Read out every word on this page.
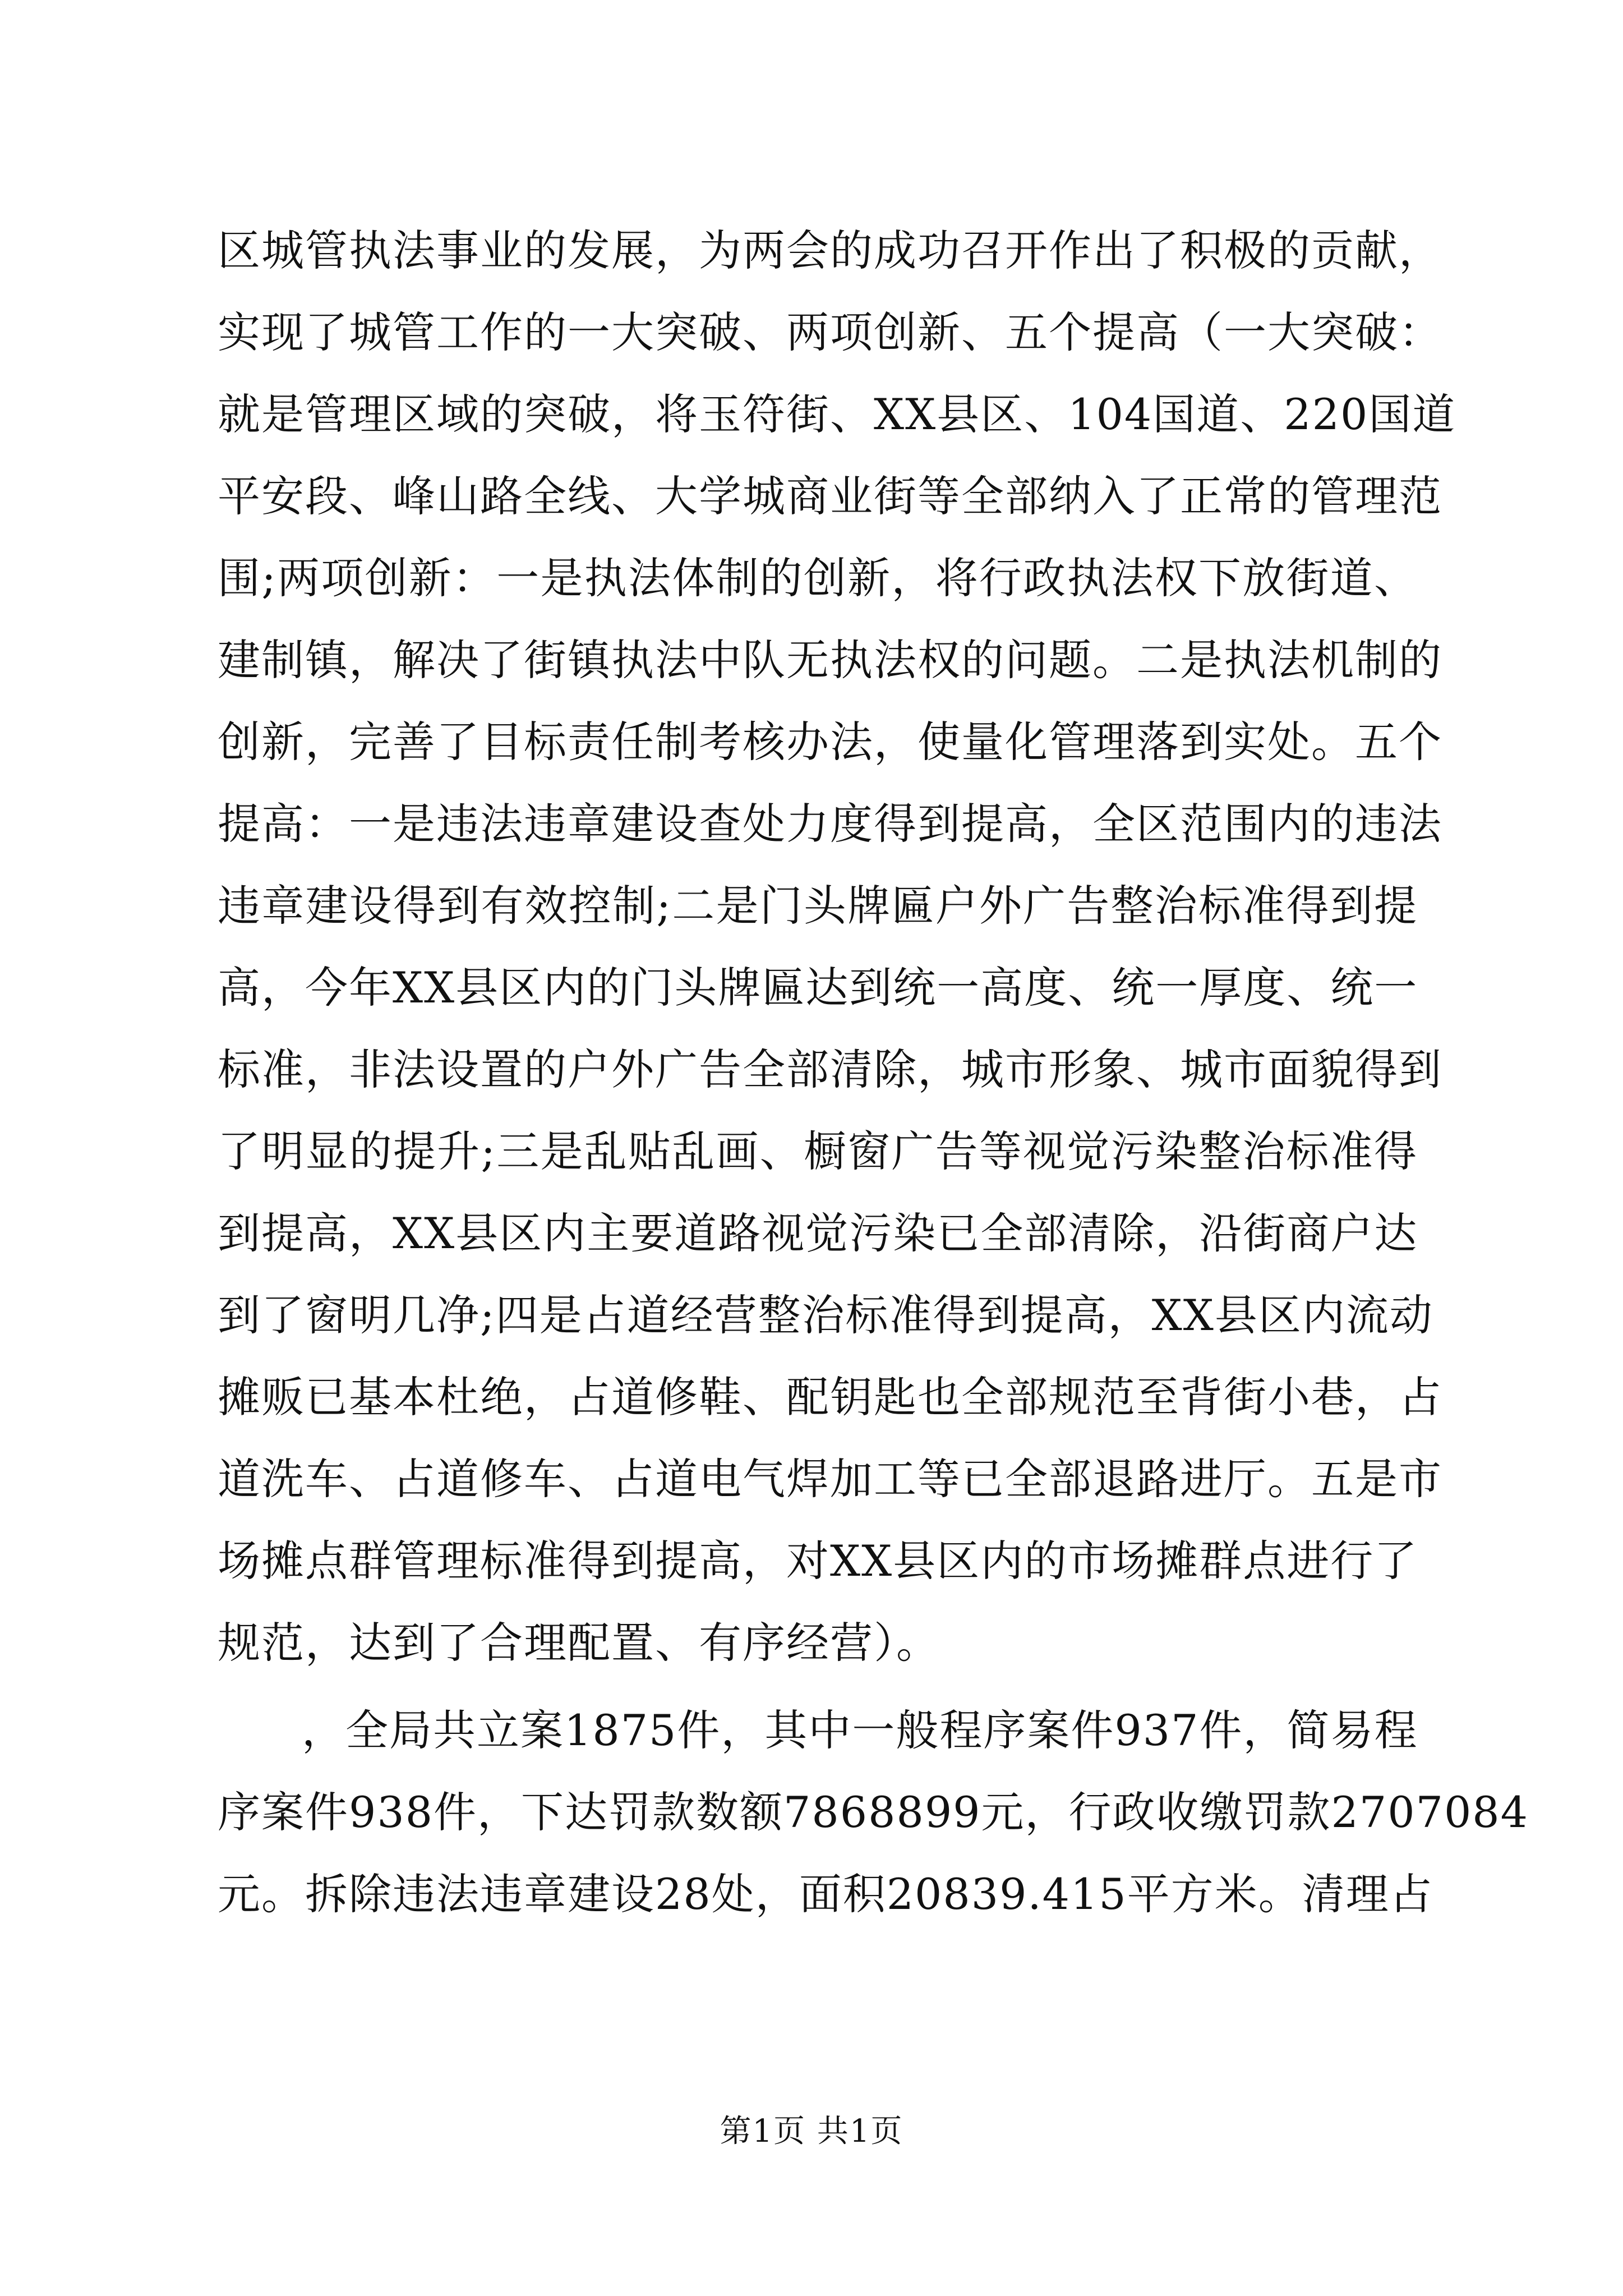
区城管执法事业的发展，为两会的成功召开作出了积极的贡献，
实现了城管工作的一大突破、两项创新、五个提高（一大突破：
就是管理区域的突破，将玉符街、XX县区、104国道、220国道
平安段、峰山路全线、大学城商业街等全部纳入了正常的管理范
围;两项创新：一是执法体制的创新，将行政执法权下放街道、
建制镇，解决了街镇执法中队无执法权的问题。二是执法机制的
创新，完善了目标责任制考核办法，使量化管理落到实处。五个
提高：一是违法违章建设查处力度得到提高，全区范围内的违法
违章建设得到有效控制;二是门头牌匾户外广告整治标准得到提
高，今年XX县区内的门头牌匾达到统一高度、统一厚度、统一
标准，非法设置的户外广告全部清除，城市形象、城市面貌得到
了明显的提升;三是乱贴乱画、橱窗广告等视觉污染整治标准得
到提高，XX县区内主要道路视觉污染已全部清除，沿街商户达
到了窗明几净;四是占道经营整治标准得到提高，XX县区内流动
摊贩已基本杜绝，占道修鞋、配钥匙也全部规范至背街小巷，占
道洗车、占道修车、占道电气焊加工等已全部退路进厅。五是市
场摊点群管理标准得到提高，对XX县区内的市场摊群点进行了
规范，达到了合理配置、有序经营）。
，全局共立案1875件，其中一般程序案件937件，简易程
序案件938件，下达罚款数额7868899元，行政收缴罚款2707084
元。拆除违法违章建设28处，面积20839.415平方米。清理占
第1页 共1页
